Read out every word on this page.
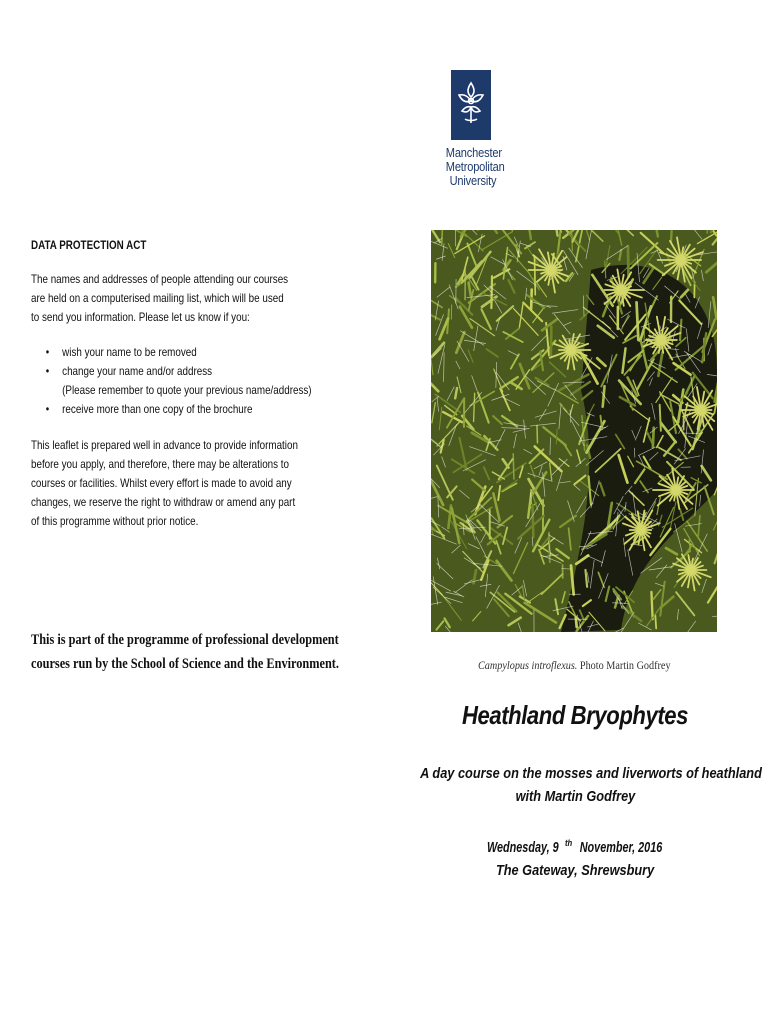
Manchester
Metropolitan
University

DATA PROTECTION ACT

The names and addresses of people attending our courses

are held on a computerised mailing list, which will be used

to send you information. Please let us know if you:

• wish your name to be removed
• change your name and/or address
(Please remember to quote your previous name/address)
• receive more than one copy of the brochure

This leaflet is prepared well in advance to provide information

before you apply, and therefore, there may be alterations to

courses or facilities. Whilst every effort is made to avoid any

changes, we reserve the right to withdraw or amend any part

of this programme without prior notice.

This is part of the programme of professional development
courses run by the School of Science and the Environment.	Campylopus introflexus. Photo Martin Godfrey
Heathland Bryophytes
A day course on the mosses and liverworts of heathland
with Martin Godfrey
Wednesday, 9 $^{th}$November, 2016
The Gateway, Shrewsbury
